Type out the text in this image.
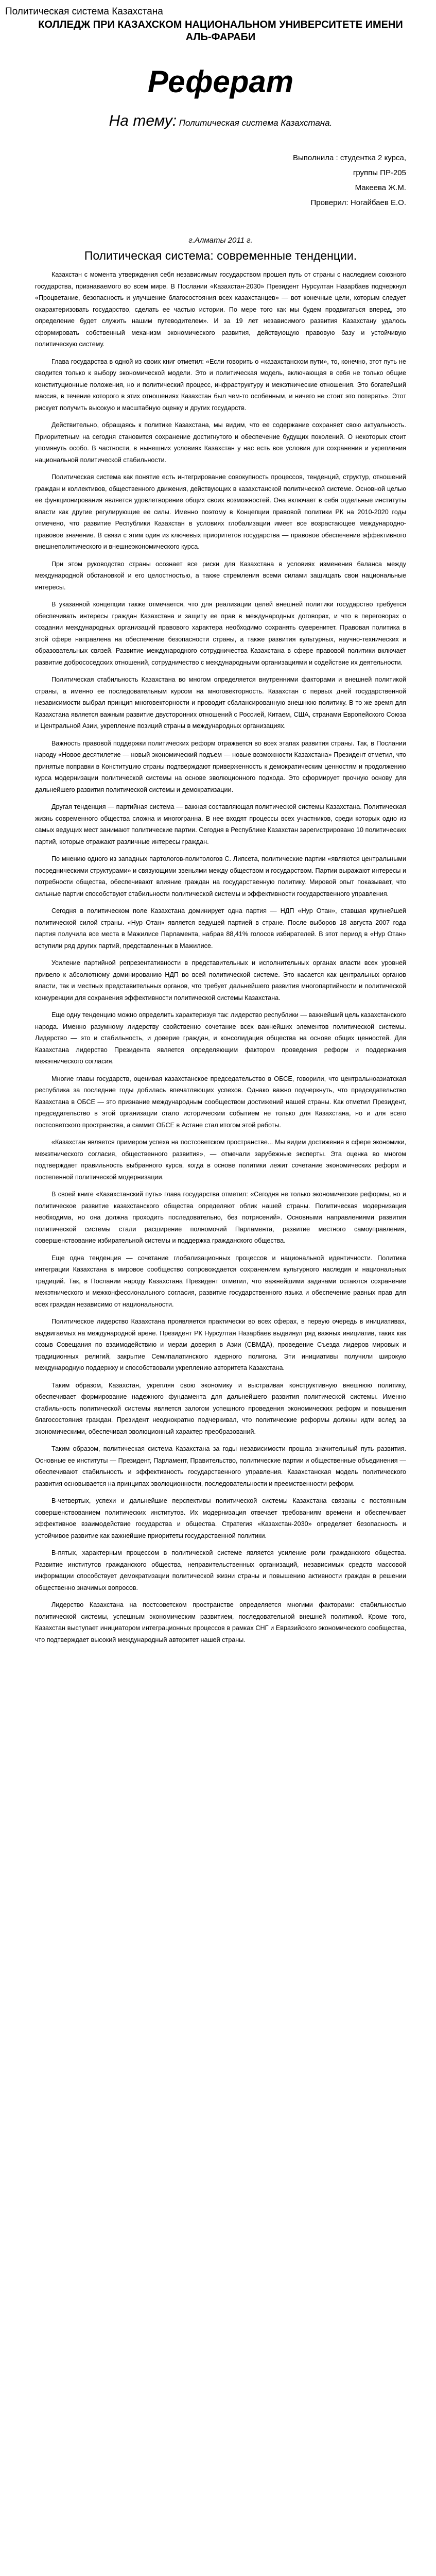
Политическая система Казахстана
КОЛЛЕДЖ ПРИ КАЗАХСКОМ НАЦИОНАЛЬНОМ УНИВЕРСИТЕТЕ ИМЕНИ АЛЬ-ФАРАБИ
Реферат
На тему: Политическая система Казахстана.
Выполнила : студентка 2 курса,
группы ПР-205
Макеева Ж.М.
Проверил: Ногайбаев Е.О.
г.Алматы 2011 г.
Политическая система: современные тенденции.

Казахстан с момента утверждения себя независимым государством прошел путь от страны с наследием союзного государства, признаваемого во всем мире. В Послании «Казахстан-2030» Президент Нурсултан Назарбаев подчеркнул «Процветание, безопасность и улучшение благосостояния всех казахстанцев» — вот конечные цели, которым следует охарактеризовать государство, сделать ее частью истории. По мере того как мы будем продвигаться вперед, это определение будет служить нашим путеводителем». И за 19 лет независимого развития Казахстану удалось сформировать собственный механизм экономического развития, действующую правовую базу и устойчивую политическую систему.

Глава государства в одной из своих книг отметил: «Если говорить о «казахстанском пути», то, конечно, этот путь не сводится только к выбору экономической модели. Это и политическая модель, включающая в себя не только общие конституционные положения, но и политический процесс, инфраструктуру и межэтнические отношения. Это богатейший массив, в течение которого в этих отношениях Казахстан был чем-то особенным, и ничего не стоит это потерять». Этот рискует получить высокую и масштабную оценку и других государств.

Действительно, обращаясь к политике Казахстана, мы видим, что ее содержание сохраняет свою актуальность. Приоритетным на сегодня становится сохранение достигнутого и обеспечение будущих поколений. О некоторых стоит упомянуть особо. В частности, в нынешних условиях Казахстан у нас есть все условия для сохранения и укрепления национальной политической стабильности.

Политическая система как понятие есть интегрирование совокупность процессов, тенденций, структур, отношений граждан и коллективов, общественного движения, действующих в казахстанской политической системе. Основной целью ее функционирования является удовлетворение общих своих возможностей. Она включает в себя отдельные институты власти как другие регулирующие ее силы. Именно поэтому в Концепции правовой политики РК на 2010-2020 годы отмечено, что развитие Республики Казахстан в условиях глобализации имеет все возрастающее международно-правовое значение. В связи с этим один из ключевых приоритетов государства — правовое обеспечение эффективного внешнеполитического и внешнеэкономического курса.

При этом руководство страны осознает все риски для Казахстана в условиях изменения баланса между международной обстановкой и его целостностью, а также стремления всеми силами защищать свои национальные интересы.

В указанной концепции также отмечается, что для реализации целей внешней политики государство требуется обеспечивать интересы граждан Казахстана и защиту ее прав в международных договорах, и что в переговорах о создании международных организаций правового характера необходимо сохранять суверенитет. Правовая политика в этой сфере направлена на обеспечение безопасности страны, а также развития культурных, научно-технических и образовательных связей. Развитие международного сотрудничества Казахстана в сфере правовой политики включает развитие добрососедских отношений, сотрудничество с международными организациями и содействие их деятельности.

Политическая стабильность Казахстана во многом определяется внутренними факторами и внешней политикой страны, а именно ее последовательным курсом на многовекторность. Казахстан с первых дней государственной независимости выбрал принцип многовекторности и проводит сбалансированную внешнюю политику. В то же время для Казахстана является важным развитие двусторонних отношений с Россией, Китаем, США, странами Европейского Союза и Центральной Азии, укрепление позиций страны в международных организациях.

Важность правовой поддержки политических реформ отражается во всех этапах развития страны. Так, в Послании народу «Новое десятилетие — новый экономический подъем — новые возможности Казахстана» Президент отметил, что принятые поправки в Конституцию страны подтверждают приверженность к демократическим ценностям и продолжению курса модернизации политической системы на основе эволюционного подхода. Это сформирует прочную основу для дальнейшего развития политической системы и демократизации.

Другая тенденция — партийная система — важная составляющая политической системы Казахстана. Политическая жизнь современного общества сложна и многогранна. В нее входят процессы всех участников, среди которых одно из самых ведущих мест занимают политические партии. Сегодня в Республике Казахстан зарегистрировано 10 политических партий, которые отражают различные интересы граждан.

По мнению одного из западных партологов-политологов С. Липсета, политические партии «являются центральными посредническими структурами» и связующими звеньями между обществом и государством. Партии выражают интересы и потребности общества, обеспечивают влияние граждан на государственную политику. Мировой опыт показывает, что сильные партии способствуют стабильности политической системы и эффективности государственного управления.

Сегодня в политическом поле Казахстана доминирует одна партия — НДП «Нур Отан», ставшая крупнейшей политической силой страны. «Нур Отан» является ведущей партией в стране. После выборов 18 августа 2007 года партия получила все места в Мажилисе Парламента, набрав 88,41% голосов избирателей. В этот период в «Нур Отан» вступили ряд других партий, представленных в Мажилисе.

Усиление партийной репрезентативности в представительных и исполнительных органах власти всех уровней привело к абсолютному доминированию НДП во всей политической системе. Это касается как центральных органов власти, так и местных представительных органов, что требует дальнейшего развития многопартийности и политической конкуренции для сохранения эффективности политической системы Казахстана.

Еще одну тенденцию можно определить характеризуя так: лидерство республики — важнейший цель казахстанского народа. Именно разумному лидерству свойственно сочетание всех важнейших элементов политической системы. Лидерство — это и стабильность, и доверие граждан, и консолидация общества на основе общих ценностей. Для Казахстана лидерство Президента является определяющим фактором проведения реформ и поддержания межэтнического согласия.

Многие главы государств, оценивая казахстанское председательство в ОБСЕ, говорили, что центральноазиатская республика за последние годы добилась впечатляющих успехов. Однако важно подчеркнуть, что председательство Казахстана в ОБСЕ — это признание международным сообществом достижений нашей страны. Как отметил Президент, председательство в этой организации стало историческим событием не только для Казахстана, но и для всего постсоветского пространства, а саммит ОБСЕ в Астане стал итогом этой работы.

«Казахстан является примером успеха на постсоветском пространстве... Мы видим достижения в сфере экономики, межэтнического согласия, общественного развития», — отмечали зарубежные эксперты. Эта оценка во многом подтверждает правильность выбранного курса, когда в основе политики лежит сочетание экономических реформ и постепенной политической модернизации.

В своей книге «Казахстанский путь» глава государства отметил: «Сегодня не только экономические реформы, но и политическое развитие казахстанского общества определяют облик нашей страны. Политическая модернизация необходима, но она должна проходить последовательно, без потрясений». Основными направлениями развития политической системы стали расширение полномочий Парламента, развитие местного самоуправления, совершенствование избирательной системы и поддержка гражданского общества.

Еще одна тенденция — сочетание глобализационных процессов и национальной идентичности. Политика интеграции Казахстана в мировое сообщество сопровождается сохранением культурного наследия и национальных традиций. Так, в Послании народу Казахстана Президент отметил, что важнейшими задачами остаются сохранение межэтнического и межконфессионального согласия, развитие государственного языка и обеспечение равных прав для всех граждан независимо от национальности.

Политическое лидерство Казахстана проявляется практически во всех сферах, в первую очередь в инициативах, выдвигаемых на международной арене. Президент РК Нурсултан Назарбаев выдвинул ряд важных инициатив, таких как созыв Совещания по взаимодействию и мерам доверия в Азии (СВМДА), проведение Съезда лидеров мировых и традиционных религий, закрытие Семипалатинского ядерного полигона. Эти инициативы получили широкую международную поддержку и способствовали укреплению авторитета Казахстана.

Таким образом, Казахстан, укрепляя свою экономику и выстраивая конструктивную внешнюю политику, обеспечивает формирование надежного фундамента для дальнейшего развития политической системы. Именно стабильность политической системы является залогом успешного проведения экономических реформ и повышения благосостояния граждан. Президент неоднократно подчеркивал, что политические реформы должны идти вслед за экономическими, обеспечивая эволюционный характер преобразований.

Таким образом, политическая система Казахстана за годы независимости прошла значительный путь развития. Основные ее институты — Президент, Парламент, Правительство, политические партии и общественные объединения — обеспечивают стабильность и эффективность государственного управления. Казахстанская модель политического развития основывается на принципах эволюционности, последовательности и преемственности реформ.

В-четвертых, успехи и дальнейшие перспективы политической системы Казахстана связаны с постоянным совершенствованием политических институтов. Их модернизация отвечает требованиям времени и обеспечивает эффективное взаимодействие государства и общества. Стратегия «Казахстан-2030» определяет безопасность и устойчивое развитие как важнейшие приоритеты государственной политики.

В-пятых, характерным процессом в политической системе является усиление роли гражданского общества. Развитие институтов гражданского общества, неправительственных организаций, независимых средств массовой информации способствует демократизации политической жизни страны и повышению активности граждан в решении общественно значимых вопросов.

Лидерство Казахстана на постсоветском пространстве определяется многими факторами: стабильностью политической системы, успешным экономическим развитием, последовательной внешней политикой. Кроме того, Казахстан выступает инициатором интеграционных процессов в рамках СНГ и Евразийского экономического сообщества, что подтверждает высокий международный авторитет нашей страны.
